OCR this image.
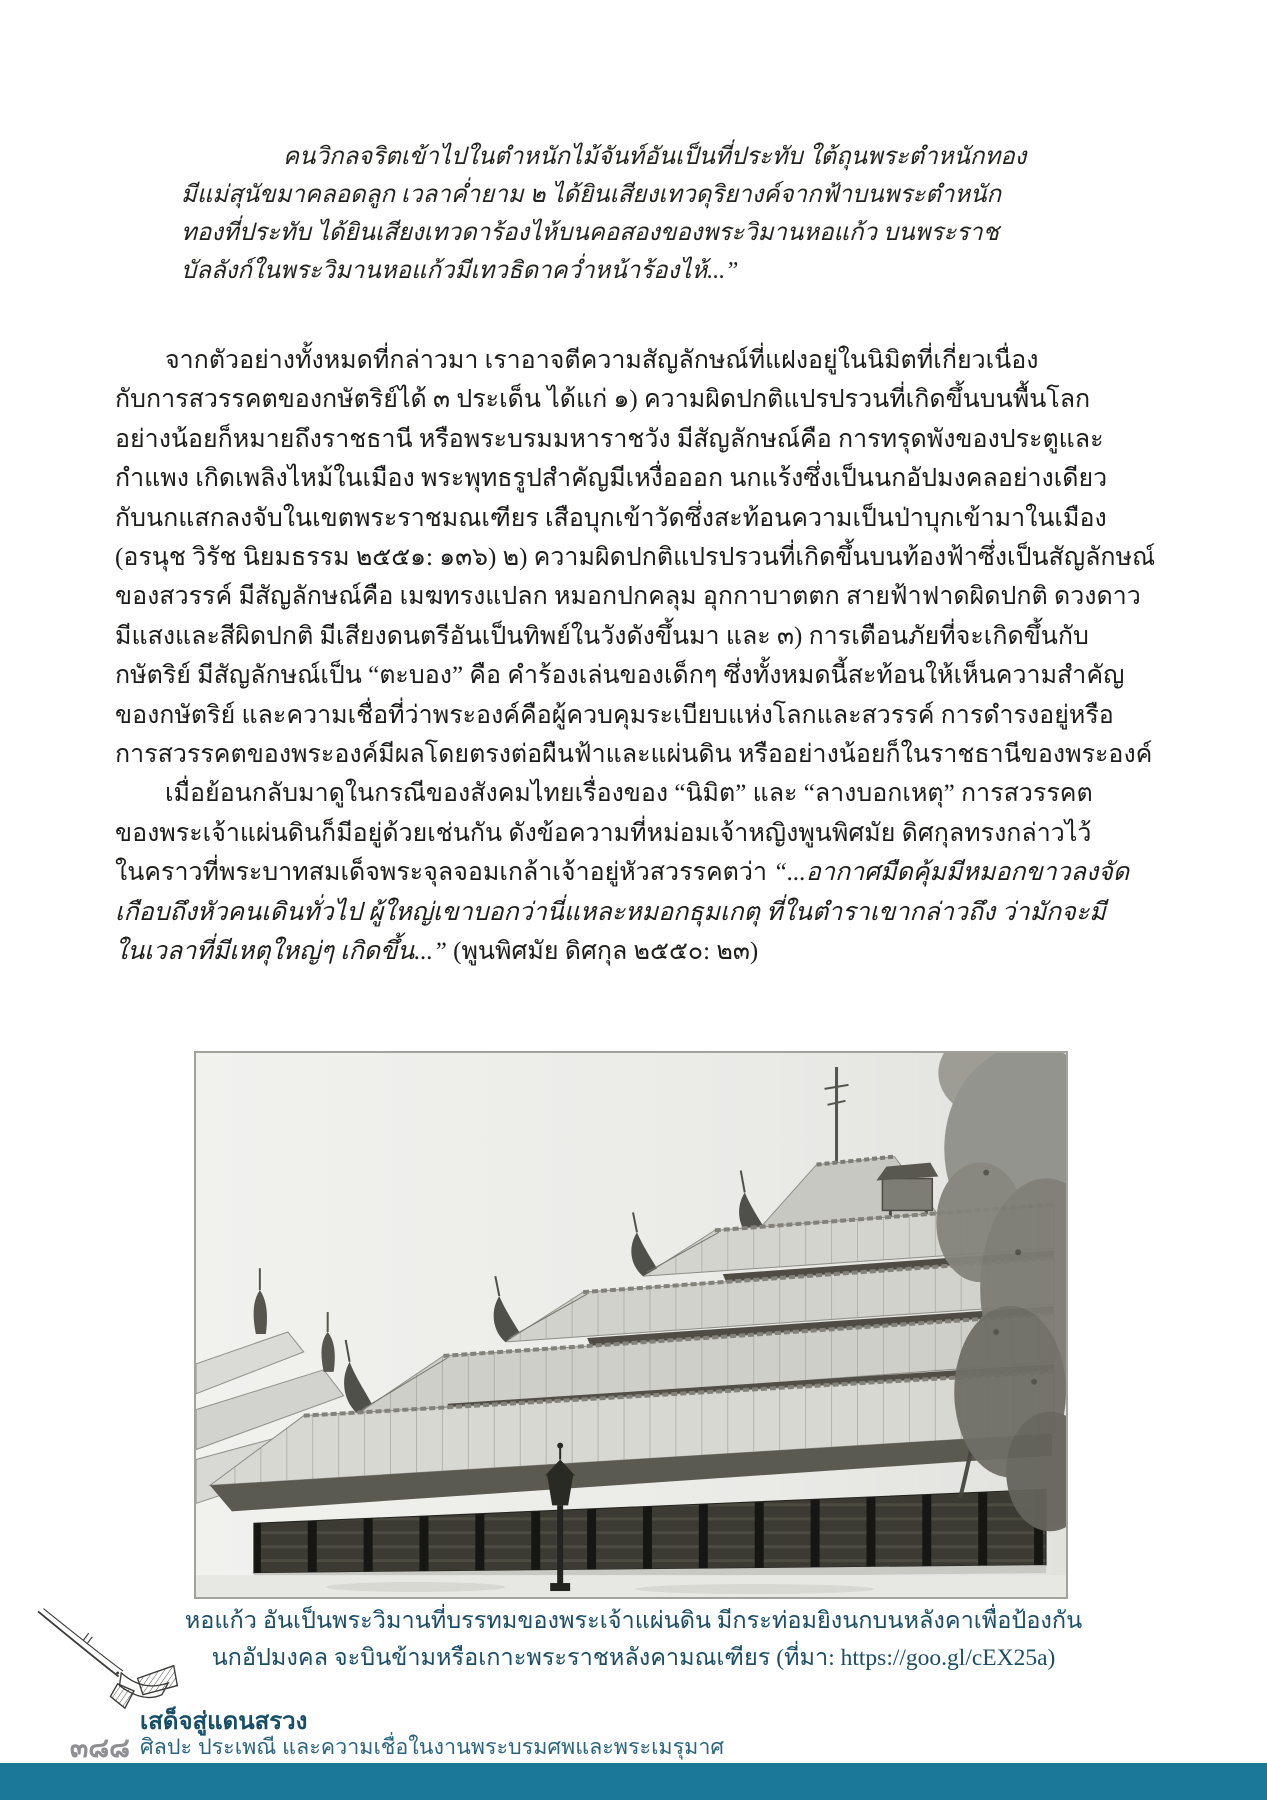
คนวิกลจริตเข้าไปในตำหนักไม้จันท์อันเป็นที่ประทับ ใต้ถุนพระตำหนักทอง
มีแม่สุนัขมาคลอดลูก เวลาค่ำยาม ๒ ได้ยินเสียงเทวดุริยางค์จากฟ้าบนพระตำหนัก
ทองที่ประทับ ได้ยินเสียงเทวดาร้องไห้บนคอสองของพระวิมานหอแก้ว บนพระราช
บัลลังก์ในพระวิมานหอแก้วมีเทวธิดาคว่ำหน้าร้องไห้...”
จากตัวอย่างทั้งหมดที่กล่าวมา เราอาจตีความสัญลักษณ์ที่แฝงอยู่ในนิมิตที่เกี่ยวเนื่อง
กับการสวรรคตของกษัตริย์ได้ ๓ ประเด็น ได้แก่ ๑) ความผิดปกติแปรปรวนที่เกิดขึ้นบนพื้นโลก
อย่างน้อยก็หมายถึงราชธานี หรือพระบรมมหาราชวัง มีสัญลักษณ์คือ การทรุดพังของประตูและ
กำแพง เกิดเพลิงไหม้ในเมือง พระพุทธรูปสำคัญมีเหงื่อออก นกแร้งซึ่งเป็นนกอัปมงคลอย่างเดียว
กับนกแสกลงจับในเขตพระราชมณเฑียร เสือบุกเข้าวัดซึ่งสะท้อนความเป็นป่าบุกเข้ามาในเมือง
(อรนุช วิรัช นิยมธรรม ๒๕๕๑: ๑๓๖) ๒) ความผิดปกติแปรปรวนที่เกิดขึ้นบนท้องฟ้าซึ่งเป็นสัญลักษณ์
ของสวรรค์ มีสัญลักษณ์คือ เมฆทรงแปลก หมอกปกคลุม อุกกาบาตตก สายฟ้าฟาดผิดปกติ ดวงดาว
มีแสงและสีผิดปกติ มีเสียงดนตรีอันเป็นทิพย์ในวังดังขึ้นมา และ ๓) การเตือนภัยที่จะเกิดขึ้นกับ
กษัตริย์ มีสัญลักษณ์เป็น “ตะบอง” คือ คำร้องเล่นของเด็กๆ ซึ่งทั้งหมดนี้สะท้อนให้เห็นความสำคัญ
ของกษัตริย์ และความเชื่อที่ว่าพระองค์คือผู้ควบคุมระเบียบแห่งโลกและสวรรค์ การดำรงอยู่หรือ
การสวรรคตของพระองค์มีผลโดยตรงต่อผืนฟ้าและแผ่นดิน หรืออย่างน้อยก็ในราชธานีของพระองค์
เมื่อย้อนกลับมาดูในกรณีของสังคมไทยเรื่องของ “นิมิต” และ “ลางบอกเหตุ” การสวรรคต
ของพระเจ้าแผ่นดินก็มีอยู่ด้วยเช่นกัน ดังข้อความที่หม่อมเจ้าหญิงพูนพิศมัย ดิศกุลทรงกล่าวไว้
ในคราวที่พระบาทสมเด็จพระจุลจอมเกล้าเจ้าอยู่หัวสวรรคตว่า “...อากาศมืดคุ้มมีหมอกขาวลงจัด
เกือบถึงหัวคนเดินทั่วไป ผู้ใหญ่เขาบอกว่านี่แหละหมอกธุมเกตุ ที่ในตำราเขากล่าวถึง ว่ามักจะมี
ในเวลาที่มีเหตุใหญ่ๆ เกิดขึ้น...” (พูนพิศมัย ดิศกุล ๒๕๕๐: ๒๓)
หอแก้ว อันเป็นพระวิมานที่บรรทมของพระเจ้าแผ่นดิน มีกระท่อมยิงนกบนหลังคาเพื่อป้องกัน
นกอัปมงคล จะบินข้ามหรือเกาะพระราชหลังคามณเฑียร (ที่มา: https://goo.gl/cEX25a)
เสด็จสู่แดนสรวง
๓๘๘ ศิลปะ ประเพณี และความเชื่อในงานพระบรมศพและพระเมรุมาศ
